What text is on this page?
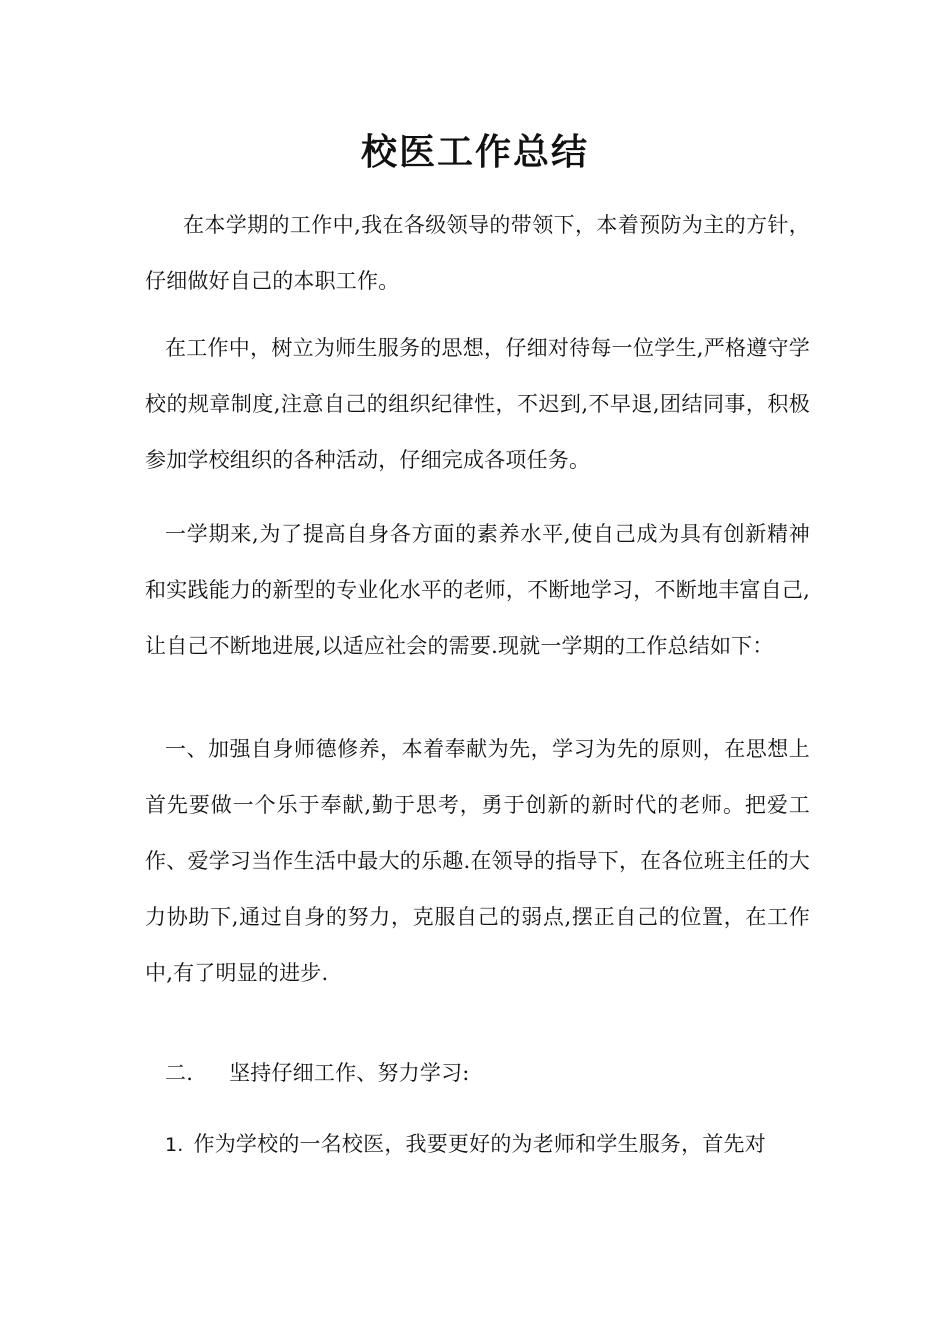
校医工作总结

在本学期的工作中,我在各级领导的带领下，本着预防为主的方针，仔细做好自己的本职工作。

在工作中，树立为师生服务的思想，仔细对待每一位学生,严格遵守学校的规章制度,注意自己的组织纪律性，不迟到,不早退,团结同事，积极参加学校组织的各种活动，仔细完成各项任务。

一学期来,为了提高自身各方面的素养水平,使自己成为具有创新精神和实践能力的新型的专业化水平的老师，不断地学习，不断地丰富自己,让自己不断地进展,以适应社会的需要.现就一学期的工作总结如下：

一、加强自身师德修养，本着奉献为先，学习为先的原则，在思想上首先要做一个乐于奉献,勤于思考，勇于创新的新时代的老师。把爱工作、爱学习当作生活中最大的乐趣.在领导的指导下，在各位班主任的大力协助下,通过自身的努力，克服自己的弱点,摆正自己的位置，在工作中,有了明显的进步.

二. 坚持仔细工作、努力学习:

1. 作为学校的一名校医，我要更好的为老师和学生服务，首先对
